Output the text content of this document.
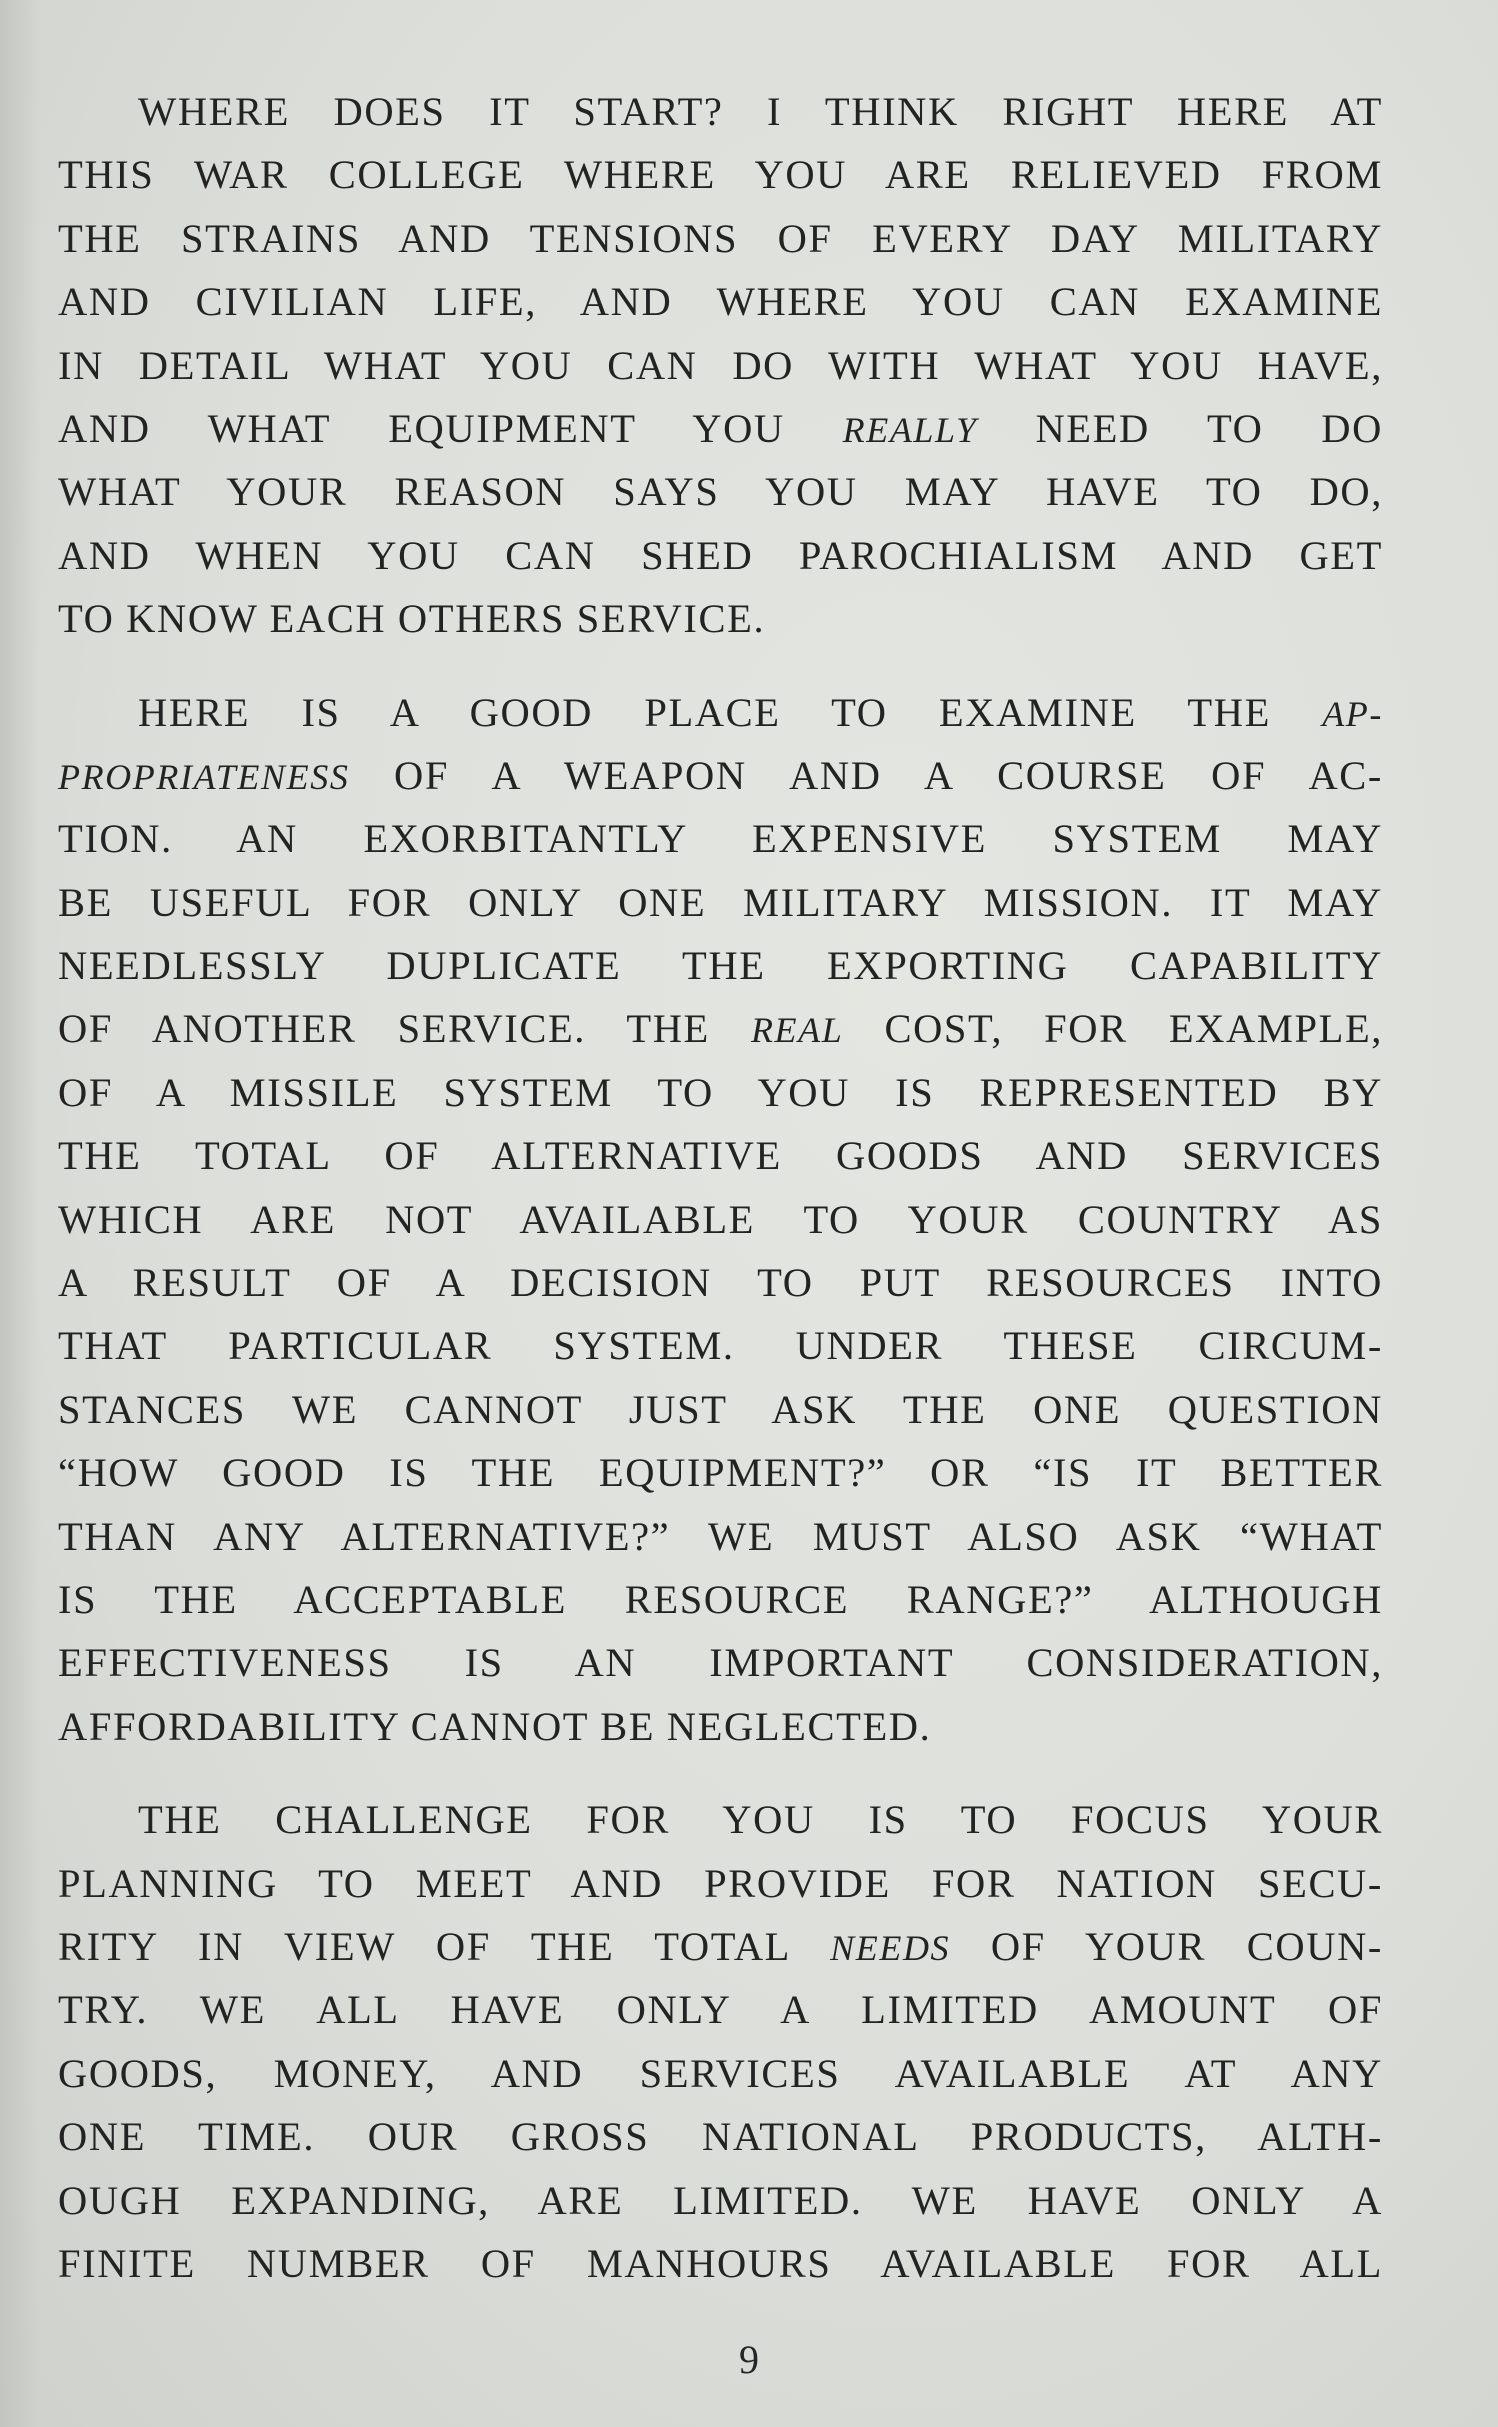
WHERE DOES IT START? I THINK RIGHT HERE AT
THIS WAR COLLEGE WHERE YOU ARE RELIEVED FROM
THE STRAINS AND TENSIONS OF EVERY DAY MILITARY
AND CIVILIAN LIFE, AND WHERE YOU CAN EXAMINE
IN DETAIL WHAT YOU CAN DO WITH WHAT YOU HAVE,
AND WHAT EQUIPMENT YOU REALLY NEED TO DO
WHAT YOUR REASON SAYS YOU MAY HAVE TO DO,
AND WHEN YOU CAN SHED PAROCHIALISM AND GET
TO KNOW EACH OTHERS SERVICE.
HERE IS A GOOD PLACE TO EXAMINE THE AP-
PROPRIATENESS OF A WEAPON AND A COURSE OF AC-
TION. AN EXORBITANTLY EXPENSIVE SYSTEM MAY
BE USEFUL FOR ONLY ONE MILITARY MISSION. IT MAY
NEEDLESSLY DUPLICATE THE EXPORTING CAPABILITY
OF ANOTHER SERVICE. THE REAL COST, FOR EXAMPLE,
OF A MISSILE SYSTEM TO YOU IS REPRESENTED BY
THE TOTAL OF ALTERNATIVE GOODS AND SERVICES
WHICH ARE NOT AVAILABLE TO YOUR COUNTRY AS
A RESULT OF A DECISION TO PUT RESOURCES INTO
THAT PARTICULAR SYSTEM. UNDER THESE CIRCUM-
STANCES WE CANNOT JUST ASK THE ONE QUESTION
“HOW GOOD IS THE EQUIPMENT?” OR “IS IT BETTER
THAN ANY ALTERNATIVE?” WE MUST ALSO ASK “WHAT
IS THE ACCEPTABLE RESOURCE RANGE?” ALTHOUGH
EFFECTIVENESS IS AN IMPORTANT CONSIDERATION,
AFFORDABILITY CANNOT BE NEGLECTED.
THE CHALLENGE FOR YOU IS TO FOCUS YOUR
PLANNING TO MEET AND PROVIDE FOR NATION SECU-
RITY IN VIEW OF THE TOTAL NEEDS OF YOUR COUN-
TRY. WE ALL HAVE ONLY A LIMITED AMOUNT OF
GOODS, MONEY, AND SERVICES AVAILABLE AT ANY
ONE TIME. OUR GROSS NATIONAL PRODUCTS, ALTH-
OUGH EXPANDING, ARE LIMITED. WE HAVE ONLY A
FINITE NUMBER OF MANHOURS AVAILABLE FOR ALL
9
